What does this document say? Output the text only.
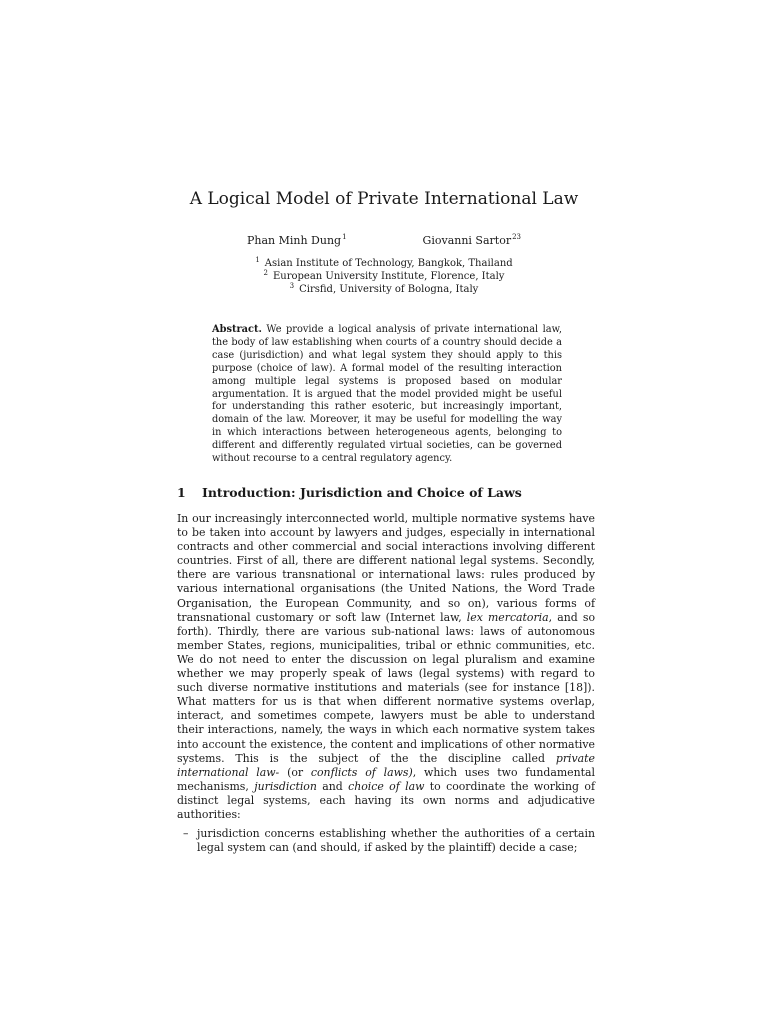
A Logical Model of Private International Law
Phan Minh Dung$^1$	Giovanni Sartor$^{23}$
$^1$ Asian Institute of Technology, Bangkok, Thailand
$^2$ European University Institute, Florence, Italy
$^3$ Cirsfid, University of Bologna, Italy
Abstract. We provide a logical analysis of private international law, the body of law establishing when courts of a country should decide a case (jurisdiction) and what legal system they should apply to this purpose (choice of law). A formal model of the resulting interaction among multiple legal systems is proposed based on modular argumentation. It is argued that the model provided might be useful for understanding this rather esoteric, but increasingly important, domain of the law. Moreover, it may be useful for modelling the way in which interactions between heterogeneous agents, belonging to different and differently regulated virtual societies, can be governed without recourse to a central regulatory agency.
1 Introduction: Jurisdiction and Choice of Laws

In our increasingly interconnected world, multiple normative systems have to be taken into account by lawyers and judges, especially in international contracts and other commercial and social interactions involving different countries. First of all, there are different national legal systems. Secondly, there are various transnational or international laws: rules produced by various international organisations (the United Nations, the Word Trade Organisation, the European Community, and so on), various forms of transnational customary or soft law (Internet law, lex mercatoria, and so forth). Thirdly, there are various sub-national laws: laws of autonomous member States, regions, municipalities, tribal or ethnic communities, etc. We do not need to enter the discussion on legal pluralism and examine whether we may properly speak of laws (legal systems) with regard to such diverse normative institutions and materials (see for instance [18]). What matters for us is that when different normative systems overlap, interact, and sometimes compete, lawyers must be able to understand their interactions, namely, the ways in which each normative system takes into account the existence, the content and implications of other normative systems. This is the subject of the the discipline called private international law- (or conflicts of laws), which uses two fundamental mechanisms, jurisdiction and choice of law to coordinate the working of distinct legal systems, each having its own norms and adjudicative authorities:

– jurisdiction concerns establishing whether the authorities of a certain legal system can (and should, if asked by the plaintiff) decide a case;
